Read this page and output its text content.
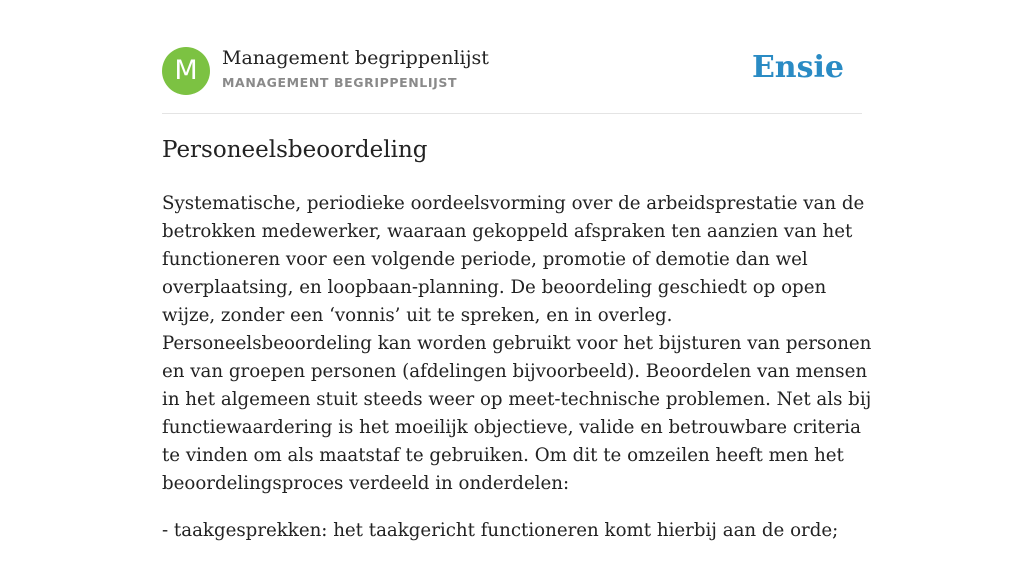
M	Management begrippenlijst
MANAGEMENT BEGRIPPENLIJST	Ensie
Personeelsbeoordeling

Systematische, periodieke oordeelsvorming over de arbeidsprestatie van de betrokken medewerker, waaraan gekoppeld afspraken ten aanzien van het functioneren voor een volgende periode, promotie of demotie dan wel overplaatsing, en loopbaan-planning. De beoordeling geschiedt op open wijze, zonder een ‘vonnis’ uit te spreken, en in overleg. Personeelsbeoordeling kan worden gebruikt voor het bijsturen van personen en van groepen personen (afdelingen bijvoorbeeld). Beoordelen van mensen in het algemeen stuit steeds weer op meet-technische problemen. Net als bij functiewaardering is het moeilijk objectieve, valide en betrouwbare criteria te vinden om als maatstaf te gebruiken. Om dit te omzeilen heeft men het beoordelingsproces verdeeld in onderdelen:

- taakgesprekken: het taakgericht functioneren komt hierbij aan de orde;
